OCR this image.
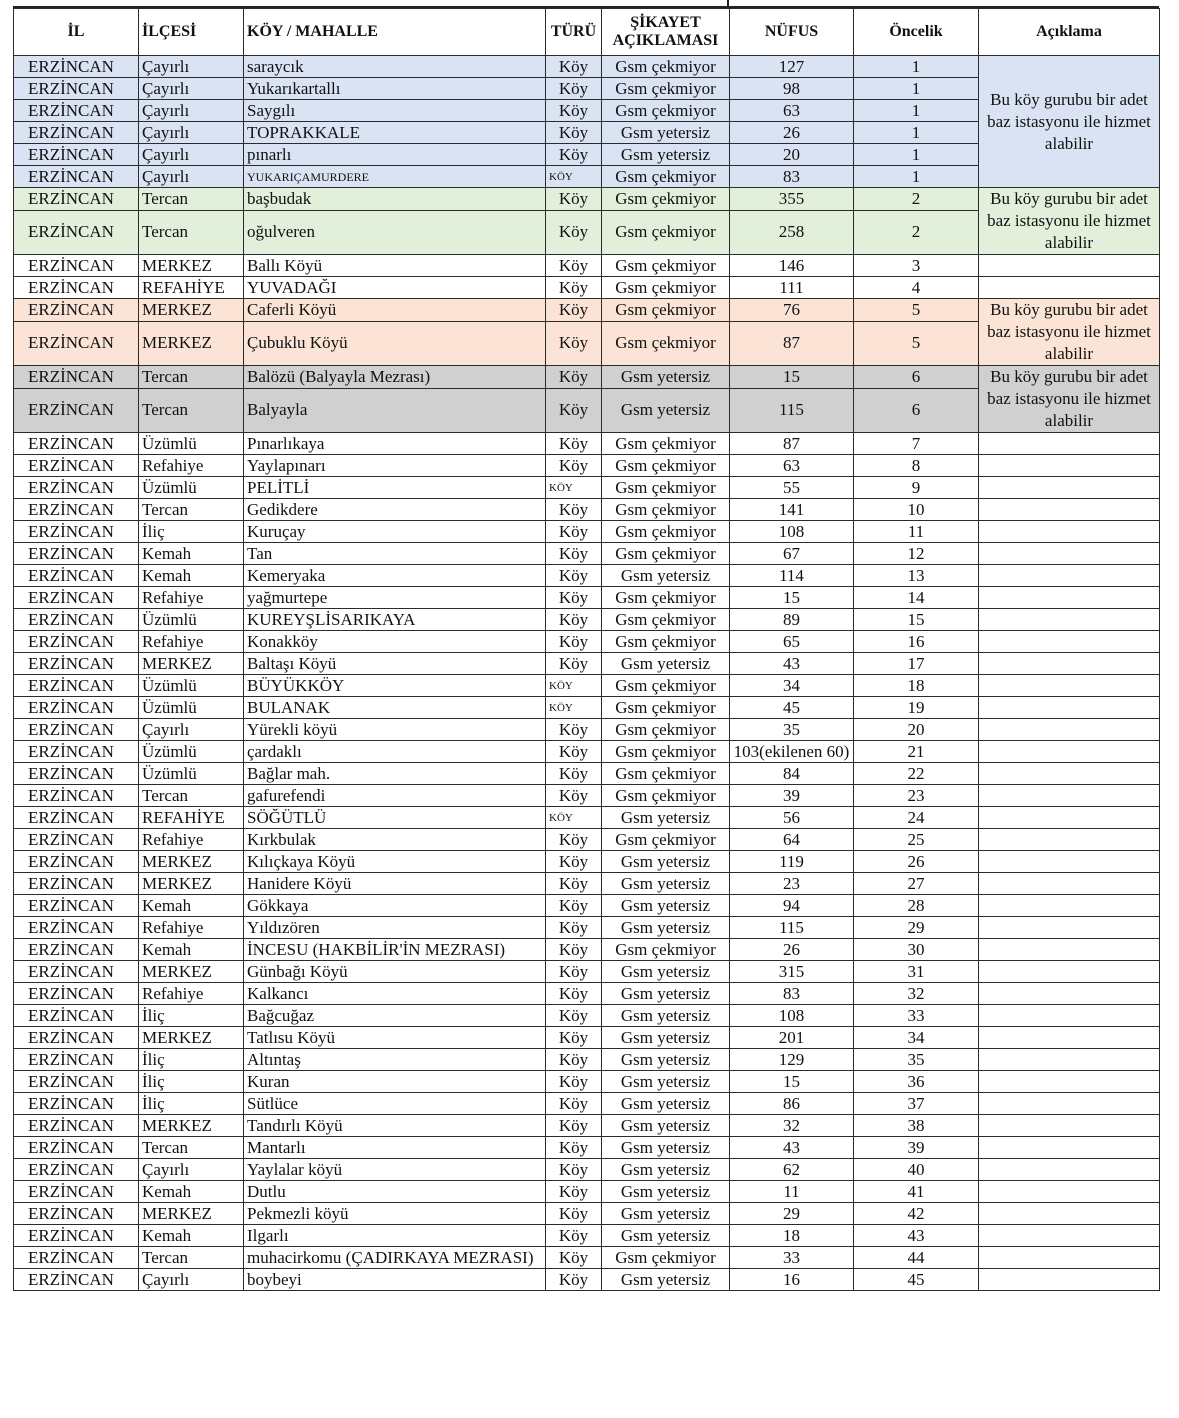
İL	İLÇESİ	KÖY / MAHALLE	TÜRÜ	ŞİKAYET AÇIKLAMASI	NÜFUS	Öncelik	Açıklama
ERZİNCAN	Çayırlı	saraycık	Köy	Gsm çekmiyor	127	1	Bu köy gurubu bir adet baz istasyonu ile hizmet alabilir
ERZİNCAN	Çayırlı	Yukarıkartallı	Köy	Gsm çekmiyor	98	1	
ERZİNCAN	Çayırlı	Saygılı	Köy	Gsm çekmiyor	63	1	
ERZİNCAN	Çayırlı	TOPRAKKALE	Köy	Gsm yetersiz	26	1	
ERZİNCAN	Çayırlı	pınarlı	Köy	Gsm yetersiz	20	1	
ERZİNCAN	Çayırlı	YUKARIÇAMURDERE	KÖY	Gsm çekmiyor	83	1	
ERZİNCAN	Tercan	başbudak	Köy	Gsm çekmiyor	355	2	Bu köy gurubu bir adet baz istasyonu ile hizmet alabilir
ERZİNCAN	Tercan	oğulveren	Köy	Gsm çekmiyor	258	2	
ERZİNCAN	MERKEZ	Ballı Köyü	Köy	Gsm çekmiyor	146	3	
ERZİNCAN	REFAHİYE	YUVADAĞI	Köy	Gsm çekmiyor	111	4	
ERZİNCAN	MERKEZ	Caferli Köyü	Köy	Gsm çekmiyor	76	5	Bu köy gurubu bir adet baz istasyonu ile hizmet alabilir
ERZİNCAN	MERKEZ	Çubuklu Köyü	Köy	Gsm çekmiyor	87	5	
ERZİNCAN	Tercan	Balözü (Balyayla Mezrası)	Köy	Gsm yetersiz	15	6	Bu köy gurubu bir adet baz istasyonu ile hizmet alabilir
ERZİNCAN	Tercan	Balyayla	Köy	Gsm yetersiz	115	6	
ERZİNCAN	Üzümlü	Pınarlıkaya	Köy	Gsm çekmiyor	87	7	
ERZİNCAN	Refahiye	Yaylapınarı	Köy	Gsm çekmiyor	63	8	
ERZİNCAN	Üzümlü	PELİTLİ	KÖY	Gsm çekmiyor	55	9	
ERZİNCAN	Tercan	Gedikdere	Köy	Gsm çekmiyor	141	10	
ERZİNCAN	İliç	Kuruçay	Köy	Gsm çekmiyor	108	11	
ERZİNCAN	Kemah	Tan	Köy	Gsm çekmiyor	67	12	
ERZİNCAN	Kemah	Kemeryaka	Köy	Gsm yetersiz	114	13	
ERZİNCAN	Refahiye	yağmurtepe	Köy	Gsm çekmiyor	15	14	
ERZİNCAN	Üzümlü	KUREYŞLİSARIKAYA	Köy	Gsm çekmiyor	89	15	
ERZİNCAN	Refahiye	Konakköy	Köy	Gsm çekmiyor	65	16	
ERZİNCAN	MERKEZ	Baltaşı Köyü	Köy	Gsm yetersiz	43	17	
ERZİNCAN	Üzümlü	BÜYÜKKÖY	KÖY	Gsm çekmiyor	34	18	
ERZİNCAN	Üzümlü	BULANAK	KÖY	Gsm çekmiyor	45	19	
ERZİNCAN	Çayırlı	Yürekli köyü	Köy	Gsm çekmiyor	35	20	
ERZİNCAN	Üzümlü	çardaklı	Köy	Gsm çekmiyor	103(ekilenen 60)	21	
ERZİNCAN	Üzümlü	Bağlar mah.	Köy	Gsm çekmiyor	84	22	
ERZİNCAN	Tercan	gafurefendi	Köy	Gsm çekmiyor	39	23	
ERZİNCAN	REFAHİYE	SÖĞÜTLÜ	KÖY	Gsm yetersiz	56	24	
ERZİNCAN	Refahiye	Kırkbulak	Köy	Gsm çekmiyor	64	25	
ERZİNCAN	MERKEZ	Kılıçkaya Köyü	Köy	Gsm yetersiz	119	26	
ERZİNCAN	MERKEZ	Hanidere Köyü	Köy	Gsm yetersiz	23	27	
ERZİNCAN	Kemah	Gökkaya	Köy	Gsm yetersiz	94	28	
ERZİNCAN	Refahiye	Yıldızören	Köy	Gsm yetersiz	115	29	
ERZİNCAN	Kemah	İNCESU (HAKBİLİR'İN MEZRASI)	Köy	Gsm çekmiyor	26	30	
ERZİNCAN	MERKEZ	Günbağı Köyü	Köy	Gsm yetersiz	315	31	
ERZİNCAN	Refahiye	Kalkancı	Köy	Gsm yetersiz	83	32	
ERZİNCAN	İliç	Bağcuğaz	Köy	Gsm yetersiz	108	33	
ERZİNCAN	MERKEZ	Tatlısu Köyü	Köy	Gsm yetersiz	201	34	
ERZİNCAN	İliç	Altıntaş	Köy	Gsm yetersiz	129	35	
ERZİNCAN	İliç	Kuran	Köy	Gsm yetersiz	15	36	
ERZİNCAN	İliç	Sütlüce	Köy	Gsm yetersiz	86	37	
ERZİNCAN	MERKEZ	Tandırlı Köyü	Köy	Gsm yetersiz	32	38	
ERZİNCAN	Tercan	Mantarlı	Köy	Gsm yetersiz	43	39	
ERZİNCAN	Çayırlı	Yaylalar köyü	Köy	Gsm yetersiz	62	40	
ERZİNCAN	Kemah	Dutlu	Köy	Gsm yetersiz	11	41	
ERZİNCAN	MERKEZ	Pekmezli köyü	Köy	Gsm yetersiz	29	42	
ERZİNCAN	Kemah	Ilgarlı	Köy	Gsm yetersiz	18	43	
ERZİNCAN	Tercan	muhacirkomu (ÇADIRKAYA MEZRASI)	Köy	Gsm çekmiyor	33	44	
ERZİNCAN	Çayırlı	boybeyi	Köy	Gsm yetersiz	16	45	
